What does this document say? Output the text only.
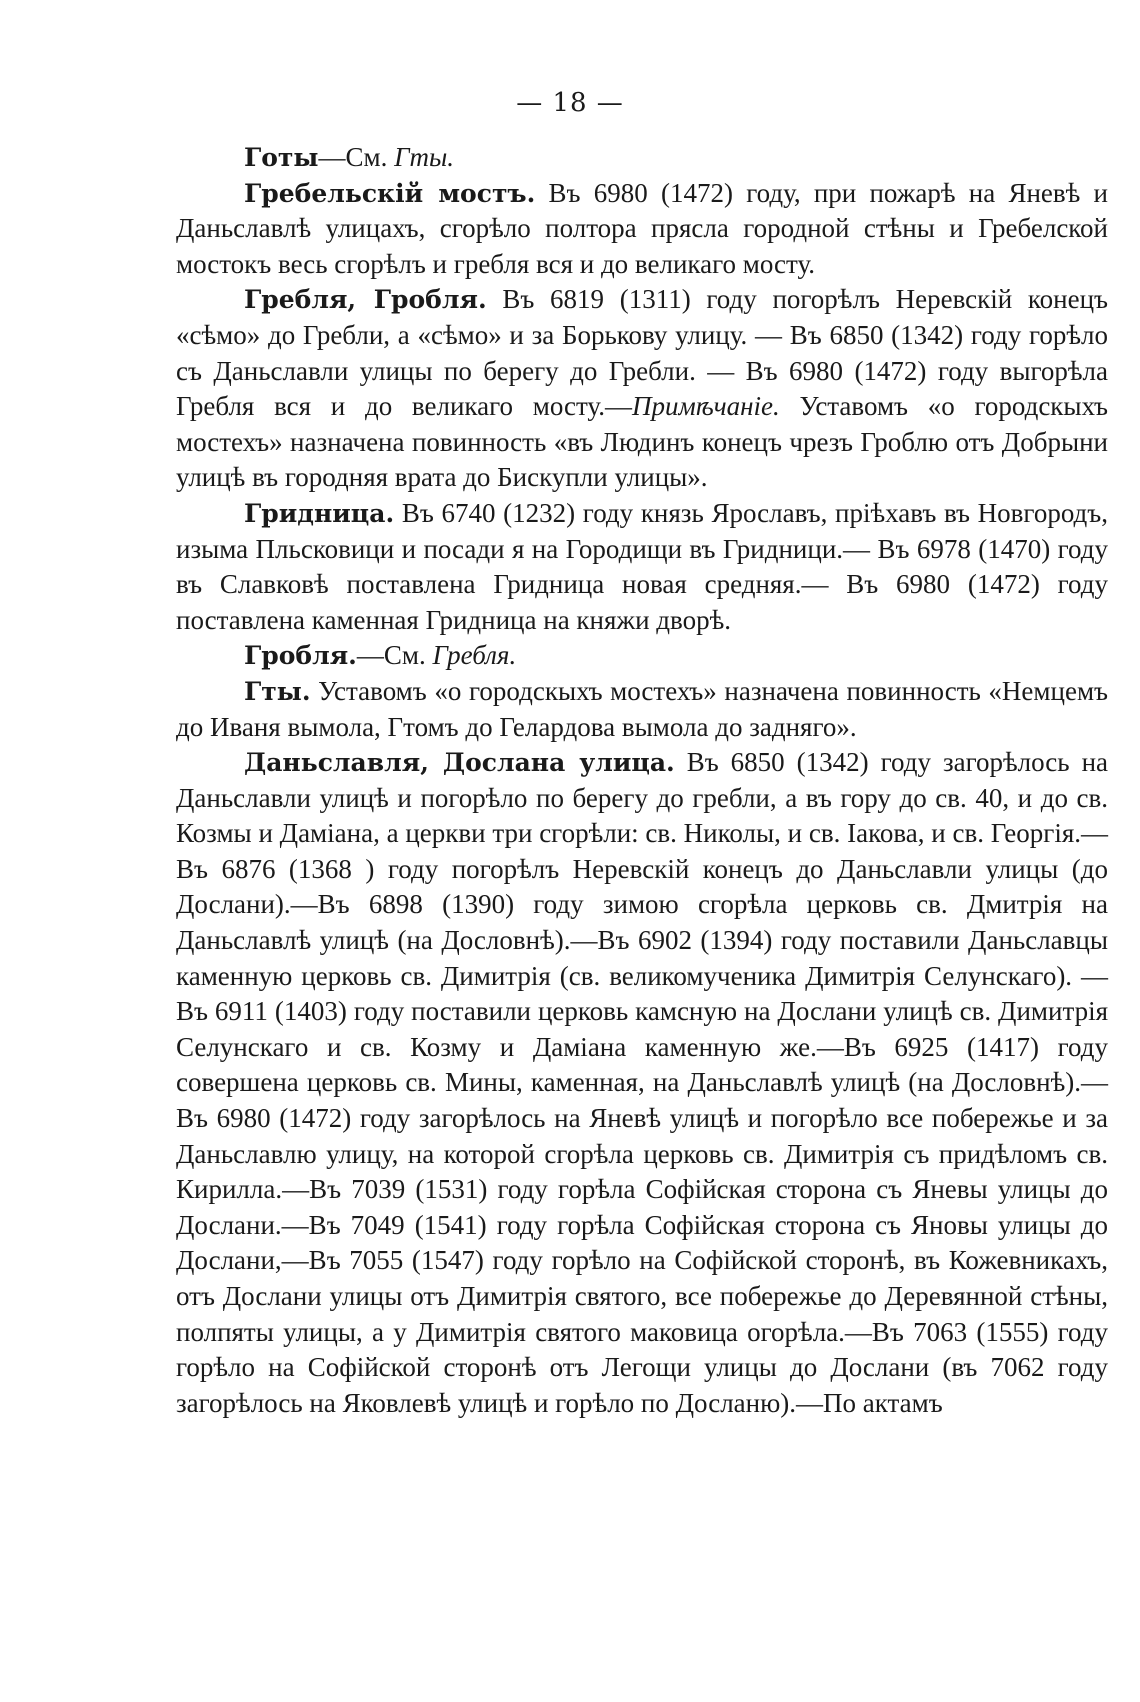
— 18 —

Готы—См. Гты.

Гребельскій мостъ. Въ 6980 (1472) году, при пожарѣ на Яневѣ и Даньславлѣ улицахъ, сгорѣло полтора прясла городной стѣны и Гребелской мостокъ весь сгорѣлъ и гребля вся и до великаго мосту.

Гребля, Гробля. Въ 6819 (1311) году погорѣлъ Неревскій конецъ «сѣмо» до Гребли, а «сѣмо» и за Борькову улицу. — Въ 6850 (1342) году горѣло съ Даньславли улицы по берегу до Гребли. — Въ 6980 (1472) году выгорѣла Гребля вся и до великаго мосту.—Примѣчаніе. Уставомъ «о городскыхъ мостехъ» назначена повинность «въ Людинъ конецъ чрезъ Гроблю отъ Добрыни улицѣ въ городняя врата до Бискупли улицы».

Гридница. Въ 6740 (1232) году князь Ярославъ, пріѣхавъ въ Новгородъ, изыма Пльсковици и посади я на Городищи въ Гридници.— Въ 6978 (1470) году въ Славковѣ поставлена Гридница новая средняя.— Въ 6980 (1472) году поставлена каменная Гридница на княжи дворѣ.

Гробля.—См. Гребля.

Гты. Уставомъ «о городскыхъ мостехъ» назначена повинность «Немцемъ до Иваня вымола, Гтомъ до Гелардова вымола до задняго».

Даньславля, Дослана улица. Въ 6850 (1342) году загорѣлось на Даньславли улицѣ и погорѣло по берегу до гребли, а въ гору до св. 40, и до св. Козмы и Даміана, а церкви три сгорѣли: св. Николы, и св. Іакова, и св. Георгія.—Въ 6876 (1368 ) году погорѣлъ Неревскій конецъ до Даньславли улицы (до Дослани).—Въ 6898 (1390) году зимою сгорѣла церковь св. Дмитрія на Даньславлѣ улицѣ (на Дословнѣ).—Въ 6902 (1394) году поставили Даньславцы каменную церковь св. Димитрія (св. великомученика Димитрія Селунскаго). — Въ 6911 (1403) году поставили церковь камсную на Дослани улицѣ св. Димитрія Селунскаго и св. Козму и Даміана каменную же.—Въ 6925 (1417) году совершена церковь св. Мины, каменная, на Даньславлѣ улицѣ (на Дословнѣ).—Въ 6980 (1472) году загорѣлось на Яневѣ улицѣ и погорѣло все побережье и за Даньславлю улицу, на которой сгорѣла церковь св. Димитрія съ придѣломъ св. Кирилла.—Въ 7039 (1531) году горѣла Софійская сторона съ Яневы улицы до Дослани.—Въ 7049 (1541) году горѣла Софійская сторона съ Яновы улицы до Дослани,—Въ 7055 (1547) году горѣло на Софійской сторонѣ, въ Кожевникахъ, отъ Дослани улицы отъ Димитрія святого, все побережье до Деревянной стѣны, полпяты улицы, а у Димитрія святого маковица огорѣла.—Въ 7063 (1555) году горѣло на Софійской сторонѣ отъ Легощи улицы до Дослани (въ 7062 году загорѣлось на Яковлевѣ улицѣ и горѣло по Досланю).—По актамъ
